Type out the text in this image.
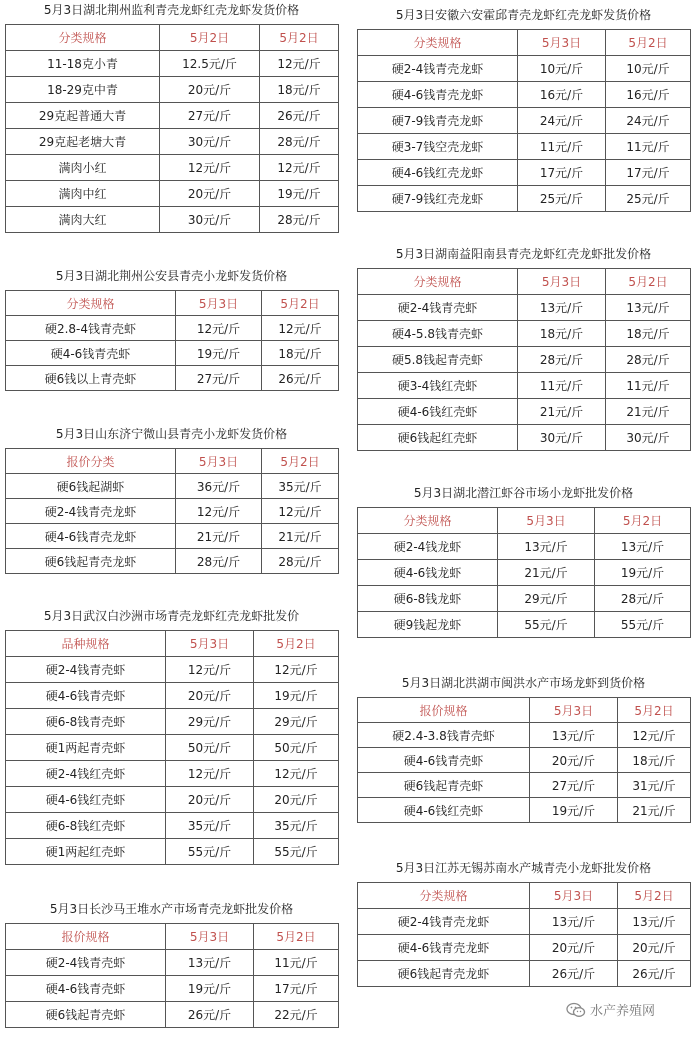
5月3日湖北荆州监利青壳龙虾红壳龙虾发货价格
分类规格	5月2日	5月2日
11-18克小青	12.5元/斤	12元/斤
18-29克中青	20元/斤	18元/斤
29克起普通大青	27元/斤	26元/斤
29克起老塘大青	30元/斤	28元/斤
满肉小红	12元/斤	12元/斤
满肉中红	20元/斤	19元/斤
满肉大红	30元/斤	28元/斤
5月3日湖北荆州公安县青壳小龙虾发货价格
分类规格	5月3日	5月2日
硬2.8-4钱青壳虾	12元/斤	12元/斤
硬4-6钱青壳虾	19元/斤	18元/斤
硬6钱以上青壳虾	27元/斤	26元/斤
5月3日山东济宁微山县青壳小龙虾发货价格
报价分类	5月3日	5月2日
硬6钱起湖虾	36元/斤	35元/斤
硬2-4钱青壳龙虾	12元/斤	12元/斤
硬4-6钱青壳龙虾	21元/斤	21元/斤
硬6钱起青壳龙虾	28元/斤	28元/斤
5月3日武汉白沙洲市场青壳龙虾红壳龙虾批发价
品种规格	5月3日	5月2日
硬2-4钱青壳虾	12元/斤	12元/斤
硬4-6钱青壳虾	20元/斤	19元/斤
硬6-8钱青壳虾	29元/斤	29元/斤
硬1两起青壳虾	50元/斤	50元/斤
硬2-4钱红壳虾	12元/斤	12元/斤
硬4-6钱红壳虾	20元/斤	20元/斤
硬6-8钱红壳虾	35元/斤	35元/斤
硬1两起红壳虾	55元/斤	55元/斤
5月3日长沙马王堆水产市场青壳龙虾批发价格
报价规格	5月3日	5月2日
硬2-4钱青壳虾	13元/斤	11元/斤
硬4-6钱青壳虾	19元/斤	17元/斤
硬6钱起青壳虾	26元/斤	22元/斤
5月3日安徽六安霍邱青壳龙虾红壳龙虾发货价格
分类规格	5月3日	5月2日
硬2-4钱青壳龙虾	10元/斤	10元/斤
硬4-6钱青壳龙虾	16元/斤	16元/斤
硬7-9钱青壳龙虾	24元/斤	24元/斤
硬3-7钱空壳龙虾	11元/斤	11元/斤
硬4-6钱红壳龙虾	17元/斤	17元/斤
硬7-9钱红壳龙虾	25元/斤	25元/斤
5月3日湖南益阳南县青壳龙虾红壳龙虾批发价格
分类规格	5月3日	5月2日
硬2-4钱青壳虾	13元/斤	13元/斤
硬4-5.8钱青壳虾	18元/斤	18元/斤
硬5.8钱起青壳虾	28元/斤	28元/斤
硬3-4钱红壳虾	11元/斤	11元/斤
硬4-6钱红壳虾	21元/斤	21元/斤
硬6钱起红壳虾	30元/斤	30元/斤
5月3日湖北潜江虾谷市场小龙虾批发价格
分类规格	5月3日	5月2日
硬2-4钱龙虾	13元/斤	13元/斤
硬4-6钱龙虾	21元/斤	19元/斤
硬6-8钱龙虾	29元/斤	28元/斤
硬9钱起龙虾	55元/斤	55元/斤
5月3日湖北洪湖市闽洪水产市场龙虾到货价格
报价规格	5月3日	5月2日
硬2.4-3.8钱青壳虾	13元/斤	12元/斤
硬4-6钱青壳虾	20元/斤	18元/斤
硬6钱起青壳虾	27元/斤	31元/斤
硬4-6钱红壳虾	19元/斤	21元/斤
5月3日江苏无锡苏南水产城青壳小龙虾批发价格
分类规格	5月3日	5月2日
硬2-4钱青壳龙虾	13元/斤	13元/斤
硬4-6钱青壳龙虾	20元/斤	20元/斤
硬6钱起青壳龙虾	26元/斤	26元/斤
水产养殖网
